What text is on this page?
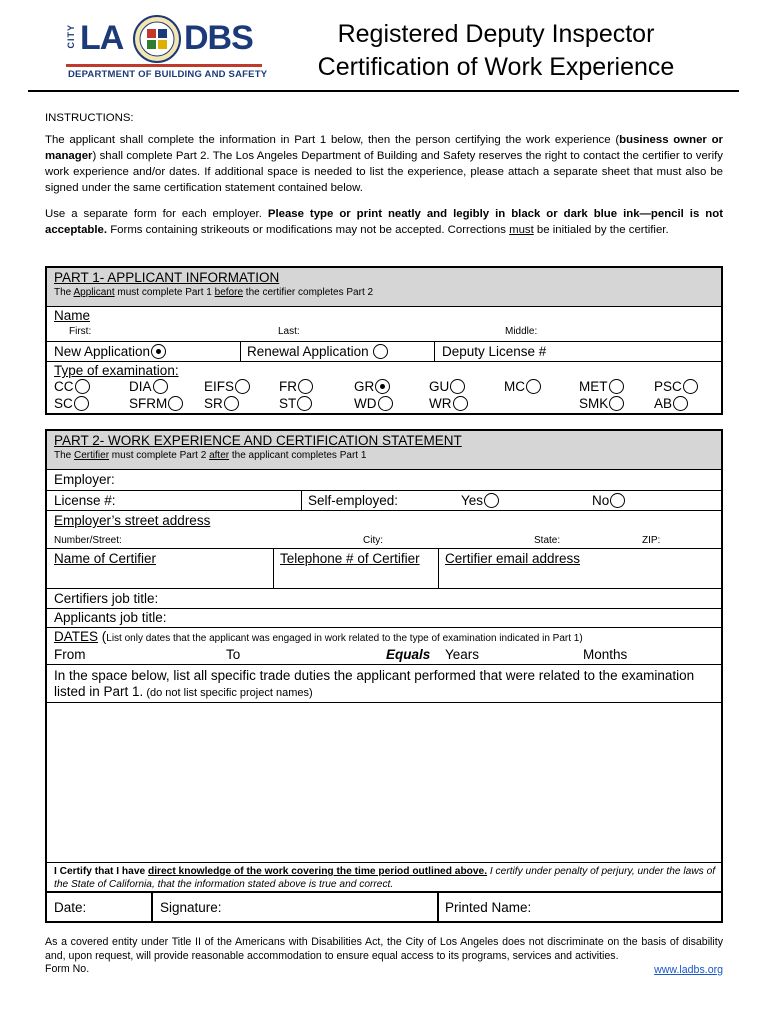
CITY LA DBS
DEPARTMENT OF BUILDING AND SAFETY
Registered Deputy Inspector
Certification of Work Experience
INSTRUCTIONS:
The applicant shall complete the information in Part 1 below, then the person certifying the work experience (business owner or manager) shall complete Part 2. The Los Angeles Department of Building and Safety reserves the right to contact the certifier to verify work experience and/or dates. If additional space is needed to list the experience, please attach a separate sheet that must also be signed under the same certification statement contained below.
Use a separate form for each employer. Please type or print neatly and legibly in black or dark blue ink—pencil is not acceptable. Forms containing strikeouts or modifications may not be accepted. Corrections must be initialed by the certifier.
PART 1- APPLICANT INFORMATION
The Applicant must complete Part 1 before the certifier completes Part 2
Name
First:	Last:	Middle:
New Application	Renewal Application	Deputy License #
Type of examination:
CC	DIA	EIFS	FR	GR	GU	MC	MET	PSC
SC	SFRM	SR	ST	WD	WR	SMK	AB
PART 2- WORK EXPERIENCE AND CERTIFICATION STATEMENT
The Certifier must complete Part 2 after the applicant completes Part 1
Employer:
License #:	Self-employed:	Yes	No
Employer’s street address
Number/Street:	City:	State:	ZIP:
Name of Certifier	Telephone # of Certifier Certifier email address
Certifiers job title:
Applicants job title:
DATES (List only dates that the applicant was engaged in work related to the type of examination indicated in Part 1)
From	To	Equals Years	Months
In the space below, list all specific trade duties the applicant performed that were related to the examination listed in Part 1. (do not list specific project names)
I Certify that I have direct knowledge of the work covering the time period outlined above. I certify under penalty of perjury, under the laws of the State of California, that the information stated above is true and correct.
Date:	Signature:	Printed Name:
As a covered entity under Title II of the Americans with Disabilities Act, the City of Los Angeles does not discriminate on the basis of disability and, upon request, will provide reasonable accommodation to ensure equal access to its programs, services and activities.
Form No.	www.ladbs.org
